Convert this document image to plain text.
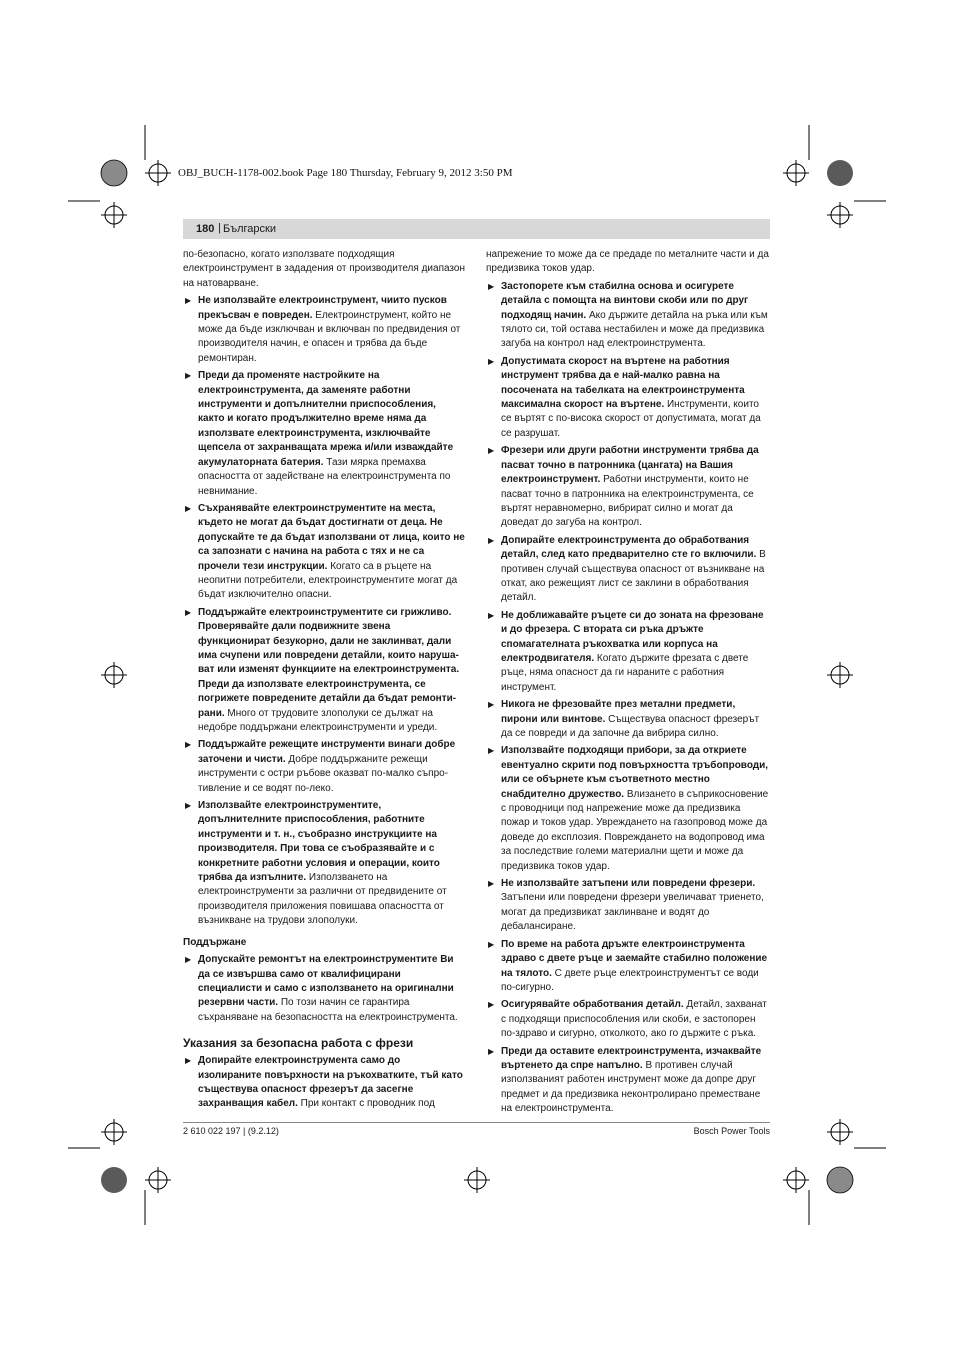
OBJ_BUCH-1178-002.book Page 180 Thursday, February 9, 2012 3:50 PM
180 | Български

по-безопасно, когато използвате подходящия електроинструмент в зададения от производителя диапазон на натоварване.

▶ Не използвайте електроинструмент, чиито пусков прекъсвач е повреден. Електроинструмент, който не може да бъде изключван и включван по предвидения от производителя начин, е опасен и трябва да бъде ремонтиран.
▶ Преди да променяте настройките на електроинструмента, да заменяте работни инструменти и допълнителни приспособления, както и когато продължително време няма да използвате електроинструмента, изключвайте щепсела от захранващата мрежа и/или изваждайте акумулаторната батерия. Тази мярка премахва опасността от задействане на електроинструмента по невнимание.
▶ Съхранявайте електроинструментите на места, където не могат да бъдат достигнати от деца. Не допускайте те да бъдат използвани от лица, които не са запознати с начина на работа с тях и не са прочели тези инструкции. Когато са в ръцете на неопитни потребители, електроинструментите могат да бъдат изключително опасни.
▶ Поддържайте електроинструментите си грижливо. Проверявайте дали подвижните звена функционират безукорно, дали не заклинват, дали има счупени или повредени детайли, които наруша-ват или изменят функциите на електроинструмента. Преди да използвате електроинструмента, се погрижете повредените детайли да бъдат ремонти-рани. Много от трудовите злополуки се дължат на недобре поддържани електроинструменти и уреди.
▶ Поддържайте режещите инструменти винаги добре заточени и чисти. Добре поддържаните режещи инструменти с остри ръбове оказват по-малко съпро-тивление и се водят по-леко.
▶ Използвайте електроинструментите, допълнителните приспособления, работните инструменти и т. н., съобразно инструкциите на производителя. При това се съобразявайте и с конкретните работни условия и операции, които трябва да изпълните. Използването на електроинструменти за различни от предвидените от производителя приложения повишава опасността от възникване на трудови злополуки.
Поддържане
▶ Допускайте ремонтът на електроинструментите Ви да се извършва само от квалифицирани специалисти и само с използването на оригинални резервни части. По този начин се гарантира съхраняване на безопасността на електроинструмента.
Указания за безопасна работа с фрези
▶ Допирайте електроинструмента само до изолираните повърхности на ръкохватките, тъй като съществува опасност фрезерът да засегне захранващия кабел. При контакт с проводник под

напрежение то може да се предаде по металните части и да предизвика токов удар.

▶ Застопорете към стабилна основа и осигурете детайла с помощта на винтови скоби или по друг подходящ начин. Ако държите детайла на ръка или към тялото си, той остава нестабилен и може да предизвика загуба на контрол над електроинструмента.
▶ Допустимата скорост на въртене на работния инструмент трябва да е най-малко равна на посочената на табелката на електроинструмента максимална скорост на въртене. Инструменти, които се въртят с по-висока скорост от допустимата, могат да се разрушат.
▶ Фрезери или други работни инструменти трябва да пасват точно в патронника (цангата) на Вашия електроинструмент. Работни инструменти, които не пасват точно в патронника на електроинструмента, се въртят неравномерно, вибрират силно и могат да доведат до загуба на контрол.
▶ Допирайте електроинструмента до обработвания детайл, след като предварително сте го включили. В противен случай съществува опасност от възникване на откат, ако режещият лист се заклини в обработвания детайл.
▶ Не доближавайте ръцете си до зоната на фрезоване и до фрезера. С втората си ръка дръжте спомагателната ръкохватка или корпуса на електродвигателя. Когато държите фрезата с двете ръце, няма опасност да ги нараните с работния инструмент.
▶ Никога не фрезовайте през метални предмети, пирони или винтове. Съществува опасност фрезерът да се повреди и да започне да вибрира силно.
▶ Използвайте подходящи прибори, за да откриете евентуално скрити под повърхността тръбопроводи, или се обърнете към съответното местно снабдително дружество. Влизането в съприкосновение с проводници под напрежение може да предизвика пожар и токов удар. Увреждането на газопровод може да доведе до експлозия. Повреждането на водопровод има за последствие големи материални щети и може да предизвика токов удар.
▶ Не използвайте затъпени или повредени фрезери. Затъпени или повредени фрезери увеличават триенето, могат да предизвикат заклинване и водят до дебалансиране.
▶ По време на работа дръжте електроинструмента здраво с двете ръце и заемайте стабилно положение на тялото. С двете ръце електроинструментът се води по-сигурно.
▶ Осигурявайте обработвания детайл. Детайл, захванат с подходящи приспособления или скоби, е застопорен по-здраво и сигурно, отколкото, ако го държите с ръка.
▶ Преди да оставите електроинструмента, изчаквайте въртенето да спре напълно. В противен случай използваният работен инструмент може да допре друг предмет и да предизвика неконтролирано преместване на електроинструмента.
2 610 022 197 | (9.2.12)	Bosch Power Tools
